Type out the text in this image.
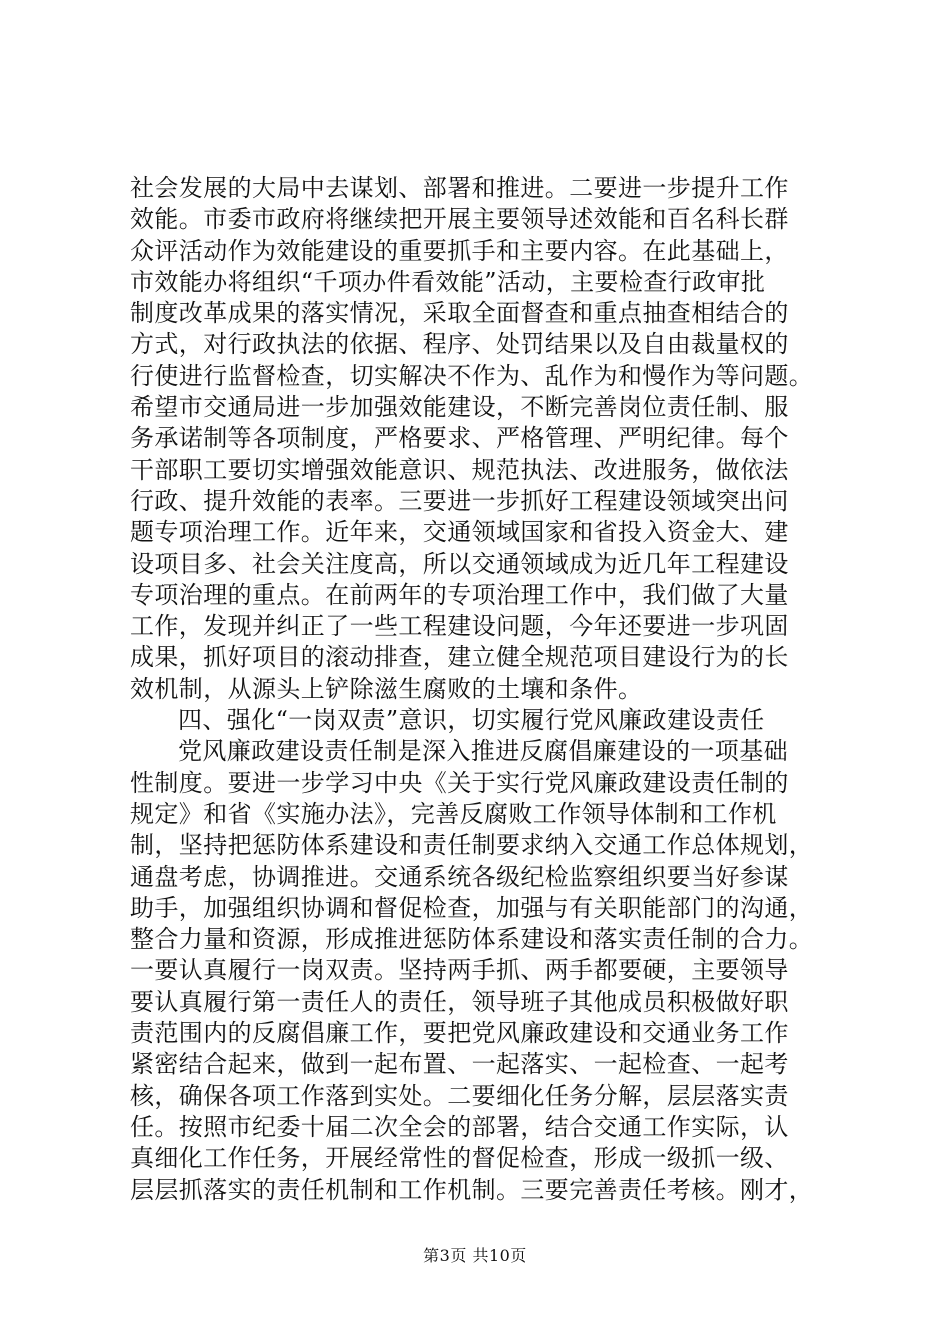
社会发展的大局中去谋划、部署和推进。二要进一步提升工作
效能。市委市政府将继续把开展主要领导述效能和百名科长群
众评活动作为效能建设的重要抓手和主要内容。在此基础上，
市效能办将组织“千项办件看效能”活动，主要检查行政审批
制度改革成果的落实情况，采取全面督查和重点抽查相结合的
方式，对行政执法的依据、程序、处罚结果以及自由裁量权的
行使进行监督检查，切实解决不作为、乱作为和慢作为等问题。
希望市交通局进一步加强效能建设，不断完善岗位责任制、服
务承诺制等各项制度，严格要求、严格管理、严明纪律。每个
干部职工要切实增强效能意识、规范执法、改进服务，做依法
行政、提升效能的表率。三要进一步抓好工程建设领域突出问
题专项治理工作。近年来，交通领域国家和省投入资金大、建
设项目多、社会关注度高，所以交通领域成为近几年工程建设
专项治理的重点。在前两年的专项治理工作中，我们做了大量
工作，发现并纠正了一些工程建设问题，今年还要进一步巩固
成果，抓好项目的滚动排查，建立健全规范项目建设行为的长
效机制，从源头上铲除滋生腐败的土壤和条件。
四、强化“一岗双责”意识，切实履行党风廉政建设责任
党风廉政建设责任制是深入推进反腐倡廉建设的一项基础
性制度。要进一步学习中央《关于实行党风廉政建设责任制的
规定》和省《实施办法》，完善反腐败工作领导体制和工作机
制，坚持把惩防体系建设和责任制要求纳入交通工作总体规划，
通盘考虑，协调推进。交通系统各级纪检监察组织要当好参谋
助手，加强组织协调和督促检查，加强与有关职能部门的沟通，
整合力量和资源，形成推进惩防体系建设和落实责任制的合力。
一要认真履行一岗双责。坚持两手抓、两手都要硬，主要领导
要认真履行第一责任人的责任，领导班子其他成员积极做好职
责范围内的反腐倡廉工作，要把党风廉政建设和交通业务工作
紧密结合起来，做到一起布置、一起落实、一起检查、一起考
核，确保各项工作落到实处。二要细化任务分解，层层落实责
任。按照市纪委十届二次全会的部署，结合交通工作实际，认
真细化工作任务，开展经常性的督促检查，形成一级抓一级、
层层抓落实的责任机制和工作机制。三要完善责任考核。刚才，
第3页 共10页
